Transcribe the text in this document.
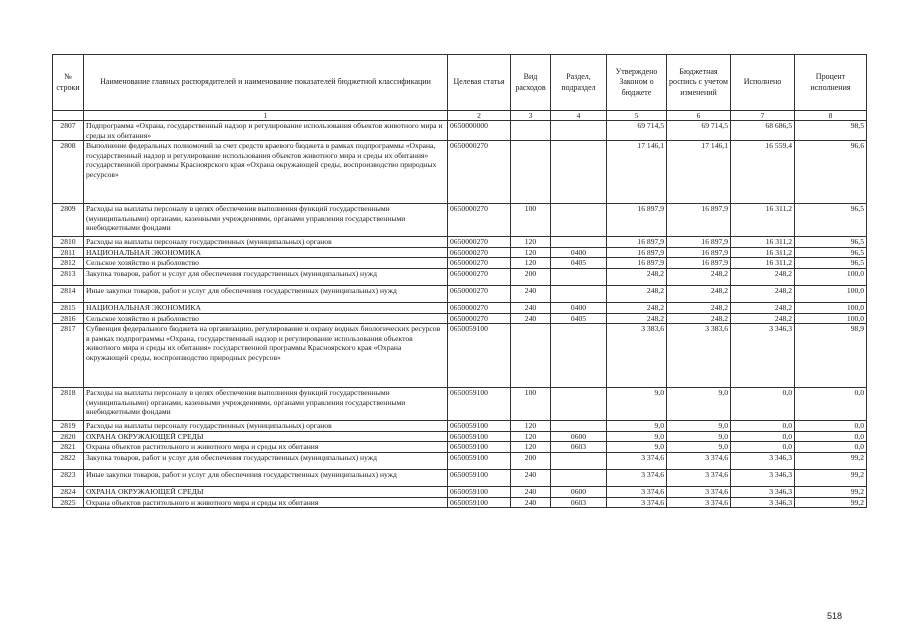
№ строки	Наименование главных распорядителей и наименование показателей бюджетной классификации	Целевая статья	Вид расходов	Раздел, подраздел	Утверждено Законом о бюджете	Бюджетная роспись с учетом изменений	Исполнено	Процент исполнения
	1	2	3	4	5	6	7	8
2807	Подпрограмма «Охрана, государственный надзор и регулирование использования объектов животного мира и среды их обитания»	0650000000			69 714,5	69 714,5	68 686,5	98,5
2808	Выполнение федеральных полномочий за счет средств краевого бюджета в рамках подпрограммы «Охрана, государственный надзор и регулирование использования объектов животного мира и среды их обитания» государственной программы Красноярского края «Охрана окружающей среды, воспроизводство природных ресурсов»	0650000270			17 146,1	17 146,1	16 559,4	96,6
2809	Расходы на выплаты персоналу в целях обеспечения выполнения функций государственными (муниципальными) органами, казенными учреждениями, органами управления государственными внебюджетными фондами	0650000270	100		16 897,9	16 897,9	16 311,2	96,5
2810	Расходы на выплаты персоналу государственных (муниципальных) органов	0650000270	120		16 897,9	16 897,9	16 311,2	96,5
2811	НАЦИОНАЛЬНАЯ ЭКОНОМИКА	0650000270	120	0400	16 897,9	16 897,9	16 311,2	96,5
2812	Сельское хозяйство и рыболовство	0650000270	120	0405	16 897,9	16 897,9	16 311,2	96,5
2813	Закупка товаров, работ и услуг для обеспечения государственных (муниципальных) нужд	0650000270	200		248,2	248,2	248,2	100,0
2814	Иные закупки товаров, работ и услуг для обеспечения государственных (муниципальных) нужд	0650000270	240		248,2	248,2	248,2	100,0
2815	НАЦИОНАЛЬНАЯ ЭКОНОМИКА	0650000270	240	0400	248,2	248,2	248,2	100,0
2816	Сельское хозяйство и рыболовство	0650000270	240	0405	248,2	248,2	248,2	100,0
2817	Субвенция федерального бюджета на организацию, регулирование и охрану водных биологических ресурсов в рамках подпрограммы «Охрана, государственный надзор и регулирование использования объектов животного мира и среды их обитания» государственной программы Красноярского края «Охрана окружающей среды, воспроизводство природных ресурсов»	0650059100			3 383,6	3 383,6	3 346,3	98,9
2818	Расходы на выплаты персоналу в целях обеспечения выполнения функций государственными (муниципальными) органами, казенными учреждениями, органами управления государственными внебюджетными фондами	0650059100	100		9,0	9,0	0,0	0,0
2819	Расходы на выплаты персоналу государственных (муниципальных) органов	0650059100	120		9,0	9,0	0,0	0,0
2820	ОХРАНА ОКРУЖАЮЩЕЙ СРЕДЫ	0650059100	120	0600	9,0	9,0	0,0	0,0
2821	Охрана объектов растительного и животного мира и среды их обитания	0650059100	120	0603	9,0	9,0	0,0	0,0
2822	Закупка товаров, работ и услуг для обеспечения государственных (муниципальных) нужд	0650059100	200		3 374,6	3 374,6	3 346,3	99,2
2823	Иные закупки товаров, работ и услуг для обеспечения государственных (муниципальных) нужд	0650059100	240		3 374,6	3 374,6	3 346,3	99,2
2824	ОХРАНА ОКРУЖАЮЩЕЙ СРЕДЫ	0650059100	240	0600	3 374,6	3 374,6	3 346,3	99,2
2825	Охрана объектов растительного и животного мира и среды их обитания	0650059100	240	0603	3 374,6	3 374,6	3 346,3	99,2
518
